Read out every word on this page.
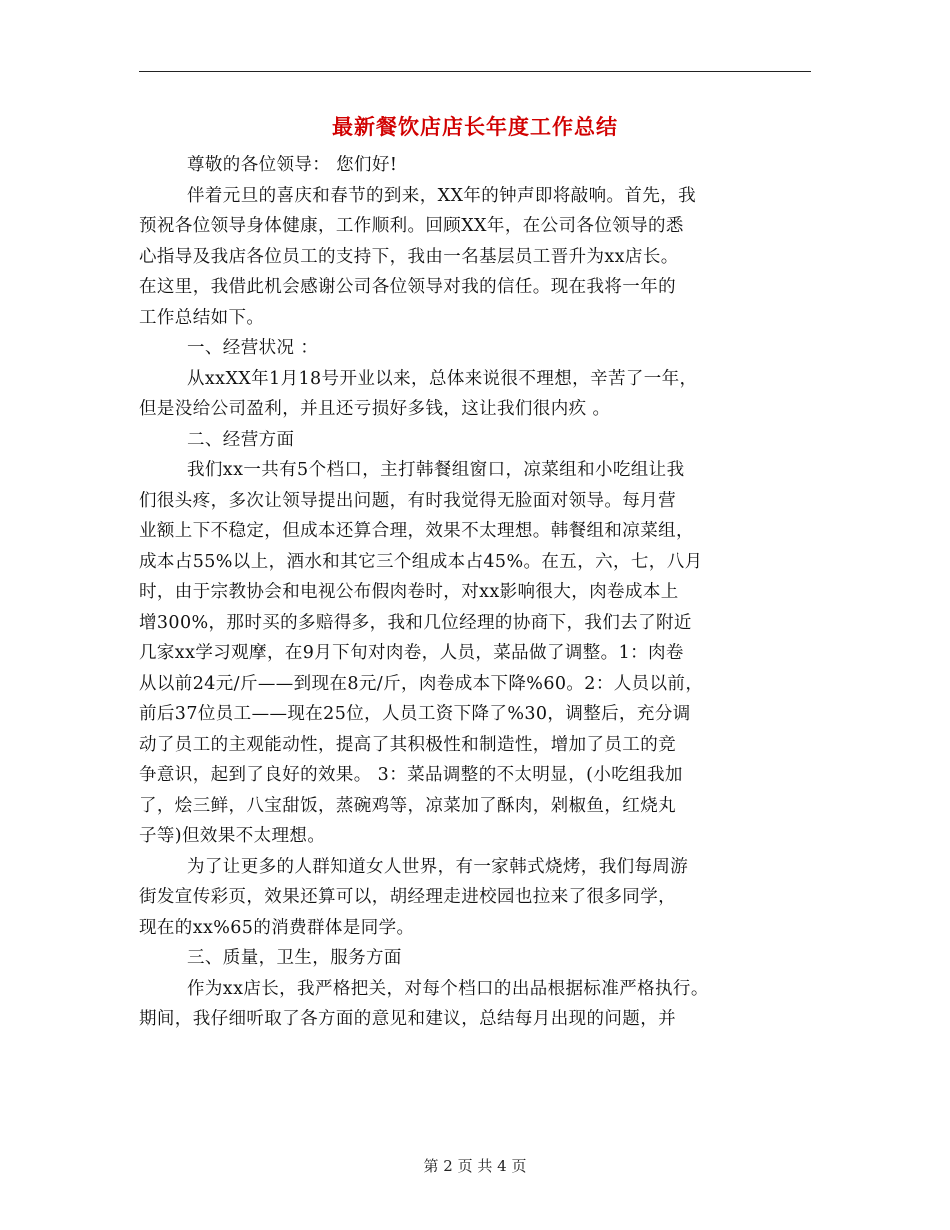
最新餐饮店店长年度工作总结
尊敬的各位领导： 您们好!
伴着元旦的喜庆和春节的到来，XX年的钟声即将敲响。首先，我
预祝各位领导身体健康，工作顺利。回顾XX年，在公司各位领导的悉
心指导及我店各位员工的支持下，我由一名基层员工晋升为xx店长。
在这里，我借此机会感谢公司各位领导对我的信任。现在我将一年的
工作总结如下。
一、经营状况 ：
从xxXX年1月18号开业以来，总体来说很不理想，辛苦了一年，
但是没给公司盈利，并且还亏损好多钱，这让我们很内疚 。
二、经营方面
我们xx一共有5个档口，主打韩餐组窗口，凉菜组和小吃组让我
们很头疼，多次让领导提出问题，有时我觉得无脸面对领导。每月营
业额上下不稳定，但成本还算合理，效果不太理想。韩餐组和凉菜组，
成本占55%以上，酒水和其它三个组成本占45%。在五，六，七，八月
时，由于宗教协会和电视公布假肉卷时，对xx影响很大，肉卷成本上
增300%，那时买的多赔得多，我和几位经理的协商下，我们去了附近
几家xx学习观摩，在9月下旬对肉卷，人员，菜品做了调整。1：肉卷
从以前24元/斤——到现在8元/斤，肉卷成本下降%60。2：人员以前，
前后37位员工——现在25位，人员工资下降了%30，调整后，充分调
动了员工的主观能动性，提高了其积极性和制造性，增加了员工的竞
争意识，起到了良好的效果。 3：菜品调整的不太明显，(小吃组我加
了，烩三鲜，八宝甜饭，蒸碗鸡等，凉菜加了酥肉，剁椒鱼，红烧丸
子等)但效果不太理想。
为了让更多的人群知道女人世界，有一家韩式烧烤，我们每周游
街发宣传彩页，效果还算可以，胡经理走进校园也拉来了很多同学，
现在的xx%65的消费群体是同学。
三、质量，卫生，服务方面
作为xx店长，我严格把关，对每个档口的出品根据标准严格执行。
期间，我仔细听取了各方面的意见和建议，总结每月出现的问题，并
第 2 页 共 4 页
